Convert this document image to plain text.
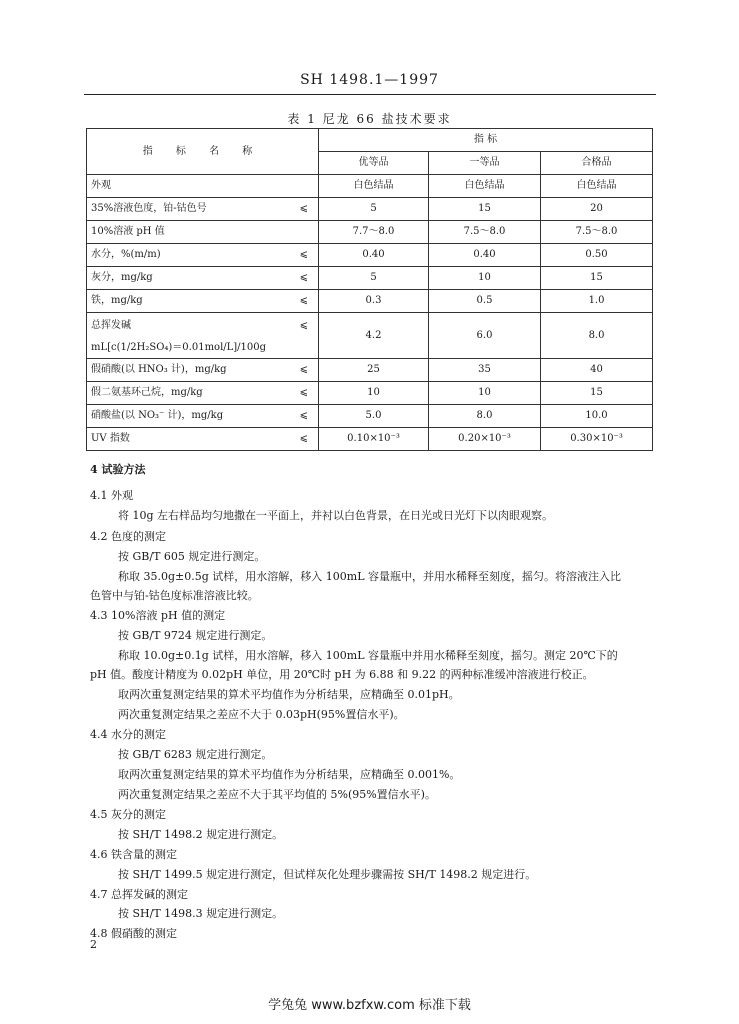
SH 1498.1—1997
表 1 尼龙 66 盐技术要求
指 标 名 称	指 标		
	优等品	一等品	合格品

外观	白色结晶	白色结晶	白色结晶

35%溶液色度，铂-钴色号 ⩽	5	15	20

10%溶液 pH 值	7.7～8.0	7.5～8.0	7.5～8.0

水分，%(m/m) ⩽	0.40	0.40	0.50

灰分，mg/kg ⩽	5	10	15

铁，mg/kg ⩽	0.3	0.5	1.0

总挥发碱
mL[c(1/2H₂SO₄)＝0.01mol/L]/100g
⩽	4.2	6.0	8.0

假硝酸(以 HNO₃ 计)，mg/kg ⩽	25	35	40

假二氨基环己烷，mg/kg ⩽	10	10	15

硝酸盐(以 NO₃⁻ 计)，mg/kg ⩽	5.0	8.0	10.0

UV 指数 ⩽	0.10×10⁻³	0.20×10⁻³	0.30×10⁻³
4 试验方法
4.1 外观
将 10g 左右样品均匀地撒在一平面上，并衬以白色背景，在日光或日光灯下以肉眼观察。
4.2 色度的测定
按 GB/T 605 规定进行测定。
称取 35.0g±0.5g 试样，用水溶解，移入 100mL 容量瓶中，并用水稀释至刻度，摇匀。将溶液注入比
色管中与铂-钴色度标准溶液比较。
4.3 10%溶液 pH 值的测定
按 GB/T 9724 规定进行测定。
称取 10.0g±0.1g 试样，用水溶解，移入 100mL 容量瓶中并用水稀释至刻度，摇匀。测定 20℃下的
pH 值。酸度计精度为 0.02pH 单位，用 20℃时 pH 为 6.88 和 9.22 的两种标准缓冲溶液进行校正。
取两次重复测定结果的算术平均值作为分析结果，应精确至 0.01pH。
两次重复测定结果之差应不大于 0.03pH(95%置信水平)。
4.4 水分的测定
按 GB/T 6283 规定进行测定。
取两次重复测定结果的算术平均值作为分析结果，应精确至 0.001%。
两次重复测定结果之差应不大于其平均值的 5%(95%置信水平)。
4.5 灰分的测定
按 SH/T 1498.2 规定进行测定。
4.6 铁含量的测定
按 SH/T 1499.5 规定进行测定，但试样灰化处理步骤需按 SH/T 1498.2 规定进行。
4.7 总挥发碱的测定
按 SH/T 1498.3 规定进行测定。
4.8 假硝酸的测定
2
学兔兔 www.bzfxw.com 标准下载
